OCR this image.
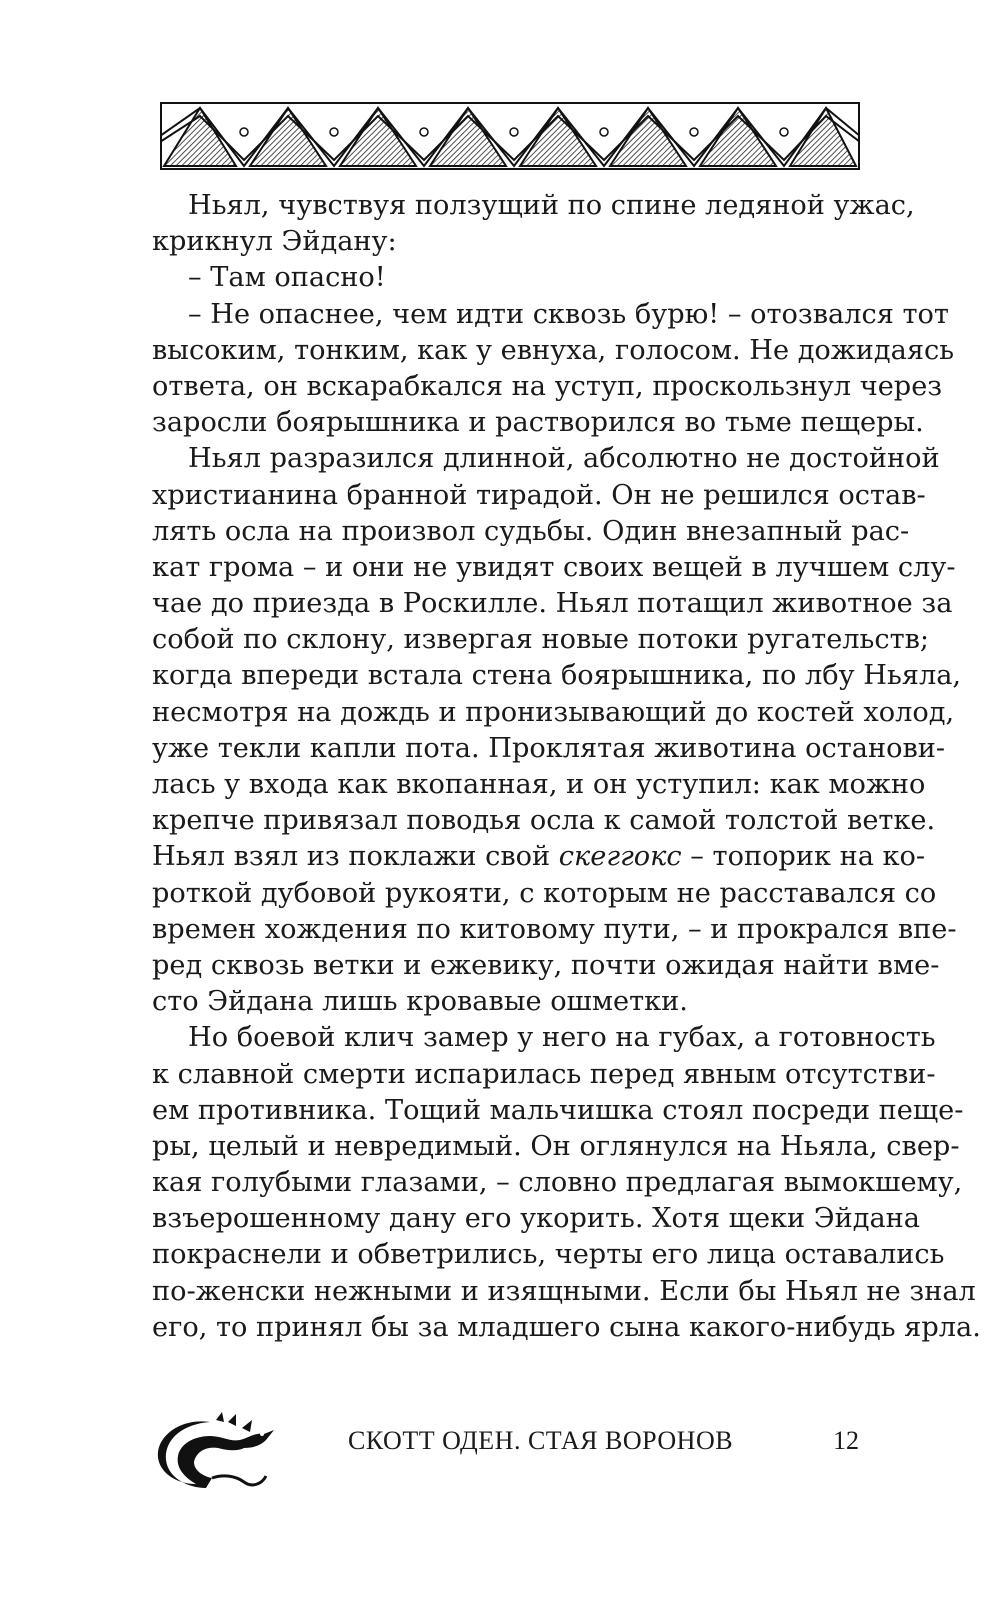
Ньял, чувствуя ползущий по спине ледяной ужас,
крикнул Эйдану:
– Там опасно!
– Не опаснее, чем идти сквозь бурю! – отозвался тот
высоким, тонким, как у евнуха, голосом. Не дожидаясь
ответа, он вскарабкался на уступ, проскользнул через
заросли боярышника и растворился во тьме пещеры.
Ньял разразился длинной, абсолютно не достойной
христианина бранной тирадой. Он не решился остав-
лять осла на произвол судьбы. Один внезапный рас-
кат грома – и они не увидят своих вещей в лучшем слу-
чае до приезда в Роскилле. Ньял потащил животное за
собой по склону, извергая новые потоки ругательств;
когда впереди встала стена боярышника, по лбу Ньяла,
несмотря на дождь и пронизывающий до костей холод,
уже текли капли пота. Проклятая животина останови-
лась у входа как вкопанная, и он уступил: как можно
крепче привязал поводья осла к самой толстой ветке.
Ньял взял из поклажи свой скеггокс – топорик на ко-
роткой дубовой рукояти, с которым не расставался со
времен хождения по китовому пути, – и прокрался впе-
ред сквозь ветки и ежевику, почти ожидая найти вме-
сто Эйдана лишь кровавые ошметки.
Но боевой клич замер у него на губах, а готовность
к славной смерти испарилась перед явным отсутстви-
ем противника. Тощий мальчишка стоял посреди пеще-
ры, целый и невредимый. Он оглянулся на Ньяла, свер-
кая голубыми глазами, – словно предлагая вымокшему,
взъерошенному дану его укорить. Хотя щеки Эйдана
покраснели и обветрились, черты его лица оставались
по-женски нежными и изящными. Если бы Ньял не знал
его, то принял бы за младшего сына какого-нибудь ярла.
СКОТТ ОДЕН. СТАЯ ВОРОНОВ	12
